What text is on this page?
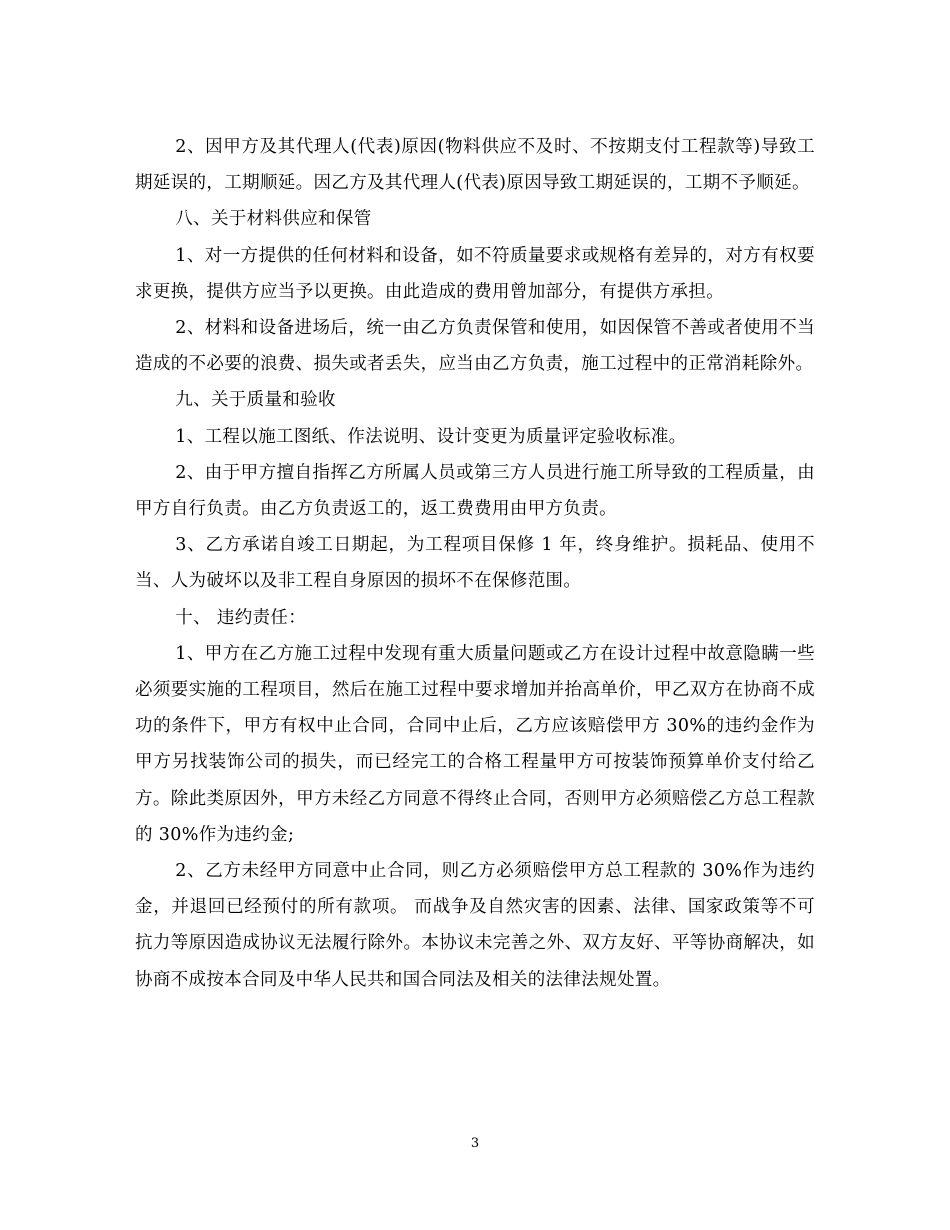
2、因甲方及其代理人(代表)原因(物料供应不及时、不按期支付工程款等)导致工期延误的，工期顺延。因乙方及其代理人(代表)原因导致工期延误的，工期不予顺延。

八、关于材料供应和保管

1、对一方提供的任何材料和设备，如不符质量要求或规格有差异的，对方有权要求更换，提供方应当予以更换。由此造成的费用曾加部分，有提供方承担。

2、材料和设备进场后，统一由乙方负责保管和使用，如因保管不善或者使用不当造成的不必要的浪费、损失或者丢失，应当由乙方负责，施工过程中的正常消耗除外。

九、关于质量和验收

1、工程以施工图纸、作法说明、设计变更为质量评定验收标准。

2、由于甲方擅自指挥乙方所属人员或第三方人员进行施工所导致的工程质量，由甲方自行负责。由乙方负责返工的，返工费费用由甲方负责。

3、乙方承诺自竣工日期起，为工程项目保修 1 年，终身维护。损耗品、使用不当、人为破坏以及非工程自身原因的损坏不在保修范围。

十、 违约责任：

1、甲方在乙方施工过程中发现有重大质量问题或乙方在设计过程中故意隐瞒一些必须要实施的工程项目，然后在施工过程中要求增加并抬高单价，甲乙双方在协商不成功的条件下，甲方有权中止合同，合同中止后，乙方应该赔偿甲方 30%的违约金作为甲方另找装饰公司的损失，而已经完工的合格工程量甲方可按装饰预算单价支付给乙方。除此类原因外，甲方未经乙方同意不得终止合同，否则甲方必须赔偿乙方总工程款的 30%作为违约金;

2、乙方未经甲方同意中止合同，则乙方必须赔偿甲方总工程款的 30%作为违约金，并退回已经预付的所有款项。 而战争及自然灾害的因素、法律、国家政策等不可抗力等原因造成协议无法履行除外。本协议未完善之外、双方友好、平等协商解决，如协商不成按本合同及中华人民共和国合同法及相关的法律法规处置。

3
